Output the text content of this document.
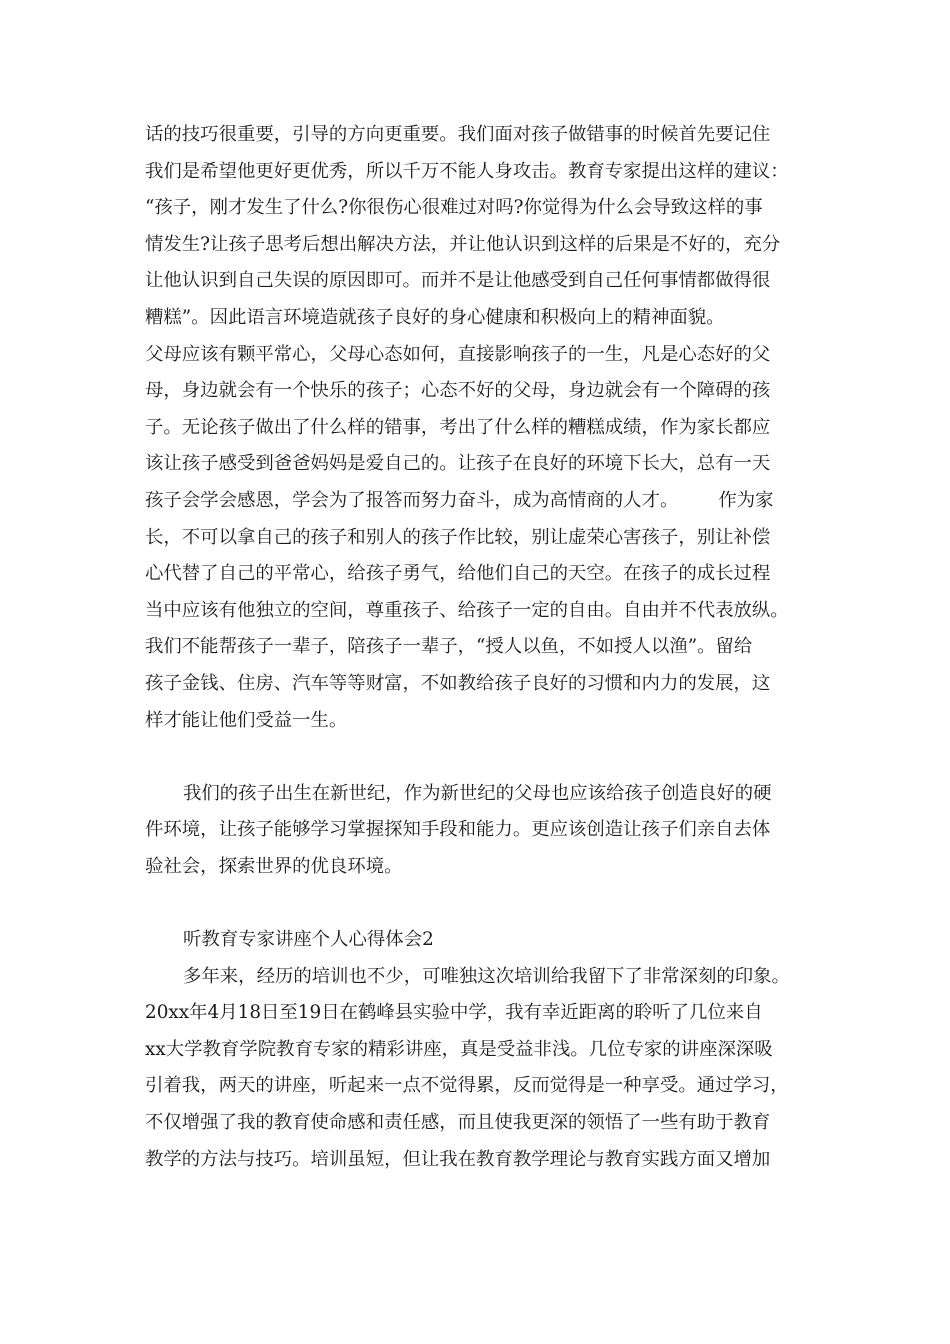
话的技巧很重要，引导的方向更重要。我们面对孩子做错事的时候首先要记住
我们是希望他更好更优秀，所以千万不能人身攻击。教育专家提出这样的建议：
“孩子，刚才发生了什么?你很伤心很难过对吗?你觉得为什么会导致这样的事
情发生?让孩子思考后想出解决方法，并让他认识到这样的后果是不好的，充分
让他认识到自己失误的原因即可。而并不是让他感受到自己任何事情都做得很
糟糕”。因此语言环境造就孩子良好的身心健康和积极向上的精神面貌。
父母应该有颗平常心，父母心态如何，直接影响孩子的一生，凡是心态好的父
母，身边就会有一个快乐的孩子；心态不好的父母，身边就会有一个障碍的孩
子。无论孩子做出了什么样的错事，考出了什么样的糟糕成绩，作为家长都应
该让孩子感受到爸爸妈妈是爱自己的。让孩子在良好的环境下长大，总有一天
孩子会学会感恩，学会为了报答而努力奋斗，成为高情商的人才。 作为家
长，不可以拿自己的孩子和别人的孩子作比较，别让虚荣心害孩子，别让补偿
心代替了自己的平常心，给孩子勇气，给他们自己的天空。在孩子的成长过程
当中应该有他独立的空间，尊重孩子、给孩子一定的自由。自由并不代表放纵。
我们不能帮孩子一辈子，陪孩子一辈子，“授人以鱼，不如授人以渔”。留给
孩子金钱、住房、汽车等等财富，不如教给孩子良好的习惯和内力的发展，这
样才能让他们受益一生。
我们的孩子出生在新世纪，作为新世纪的父母也应该给孩子创造良好的硬
件环境，让孩子能够学习掌握探知手段和能力。更应该创造让孩子们亲自去体
验社会，探索世界的优良环境。
听教育专家讲座个人心得体会2
多年来，经历的培训也不少，可唯独这次培训给我留下了非常深刻的印象。
20xx年4月18日至19日在鹤峰县实验中学，我有幸近距离的聆听了几位来自
xx大学教育学院教育专家的精彩讲座，真是受益非浅。几位专家的讲座深深吸
引着我，两天的讲座，听起来一点不觉得累，反而觉得是一种享受。通过学习，
不仅增强了我的教育使命感和责任感，而且使我更深的领悟了一些有助于教育
教学的方法与技巧。培训虽短，但让我在教育教学理论与教育实践方面又增加
